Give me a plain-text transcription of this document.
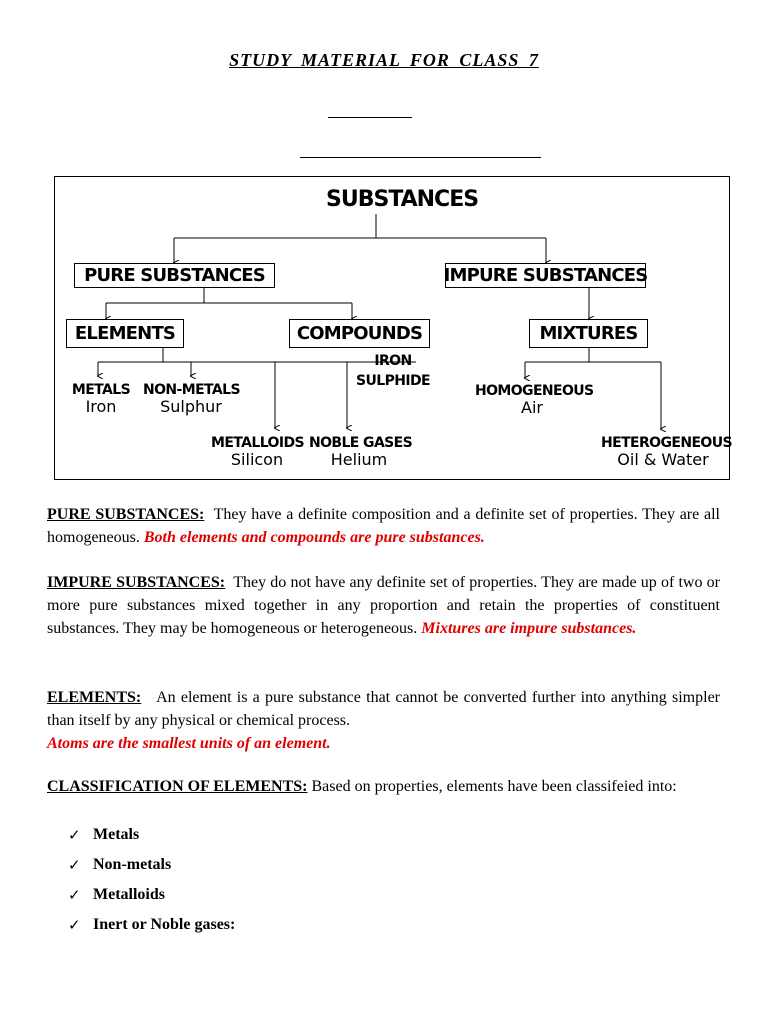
STUDY MATERIAL FOR CLASS 7
SUBSTANCES
PURE SUBSTANCES	IMPURE SUBSTANCES
ELEMENTS	COMPOUNDS	MIXTURES
IRON
SULPHIDE
METALS
Iron
NON-METALS
Sulphur
METALLOIDS
Silicon
NOBLE GASES
Helium
HOMOGENEOUS
Air
HETEROGENEOUS
Oil & Water
PURE SUBSTANCES: They have a definite composition and a definite set of properties. They are all homogeneous. Both elements and compounds are pure substances.
IMPURE SUBSTANCES: They do not have any definite set of properties. They are made up of two or more pure substances mixed together in any proportion and retain the properties of constituent substances. They may be homogeneous or heterogeneous. Mixtures are impure substances.
ELEMENTS: An element is a pure substance that cannot be converted further into anything simpler than itself by any physical or chemical process.
Atoms are the smallest units of an element.
CLASSIFICATION OF ELEMENTS: Based on properties, elements have been classifeied into:
✓ Metals
✓ Non-metals
✓ Metalloids
✓ Inert or Noble gases:
